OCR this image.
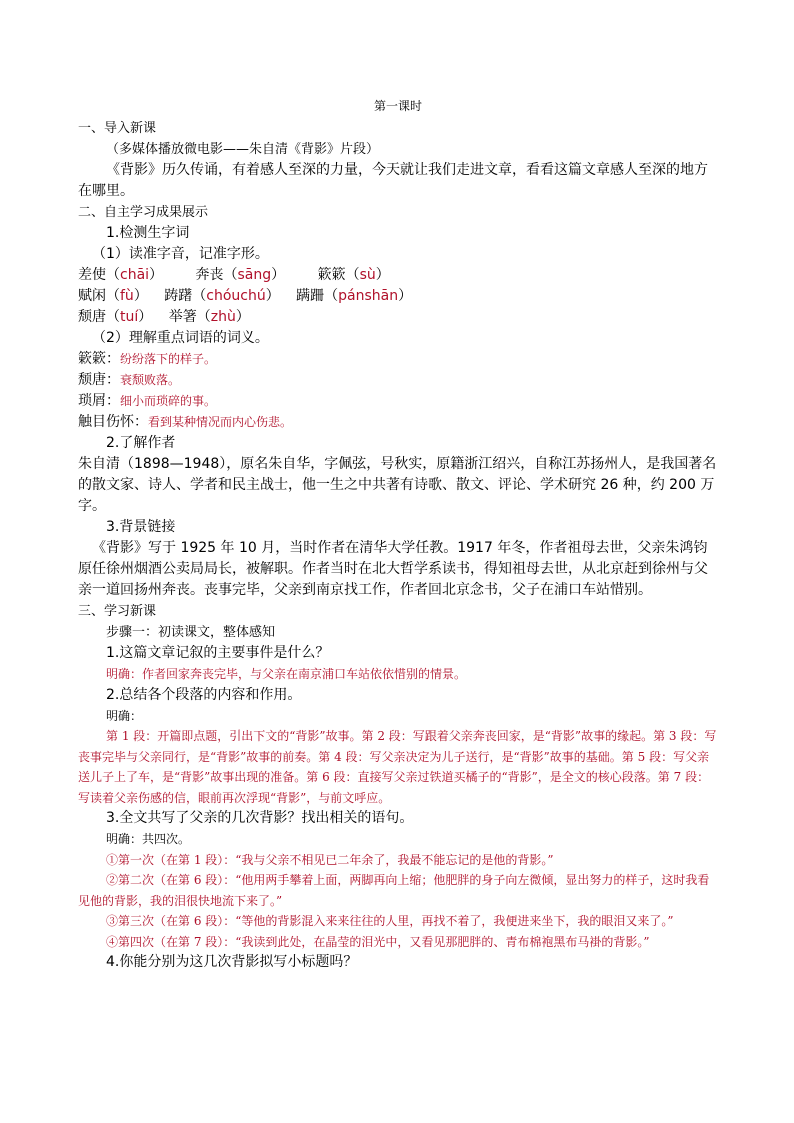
第一课时
一、导入新课
（多媒体播放微电影——朱自清《背影》片段）
《背影》历久传诵，有着感人至深的力量，今天就让我们走进文章，看看这篇文章感人至深的地方在哪里。
二、自主学习成果展示
1.检测生字词
（1）读准字音，记准字形。
差使（chāi） 奔丧（sāng） 簌簌（sù）
赋闲（fù） 踌躇（chóuchú） 蹒跚（pánshān）
颓唐（tuí） 举箸（zhù）
（2）理解重点词语的词义。
簌簌：纷纷落下的样子。
颓唐：衰颓败落。
琐屑：细小而琐碎的事。
触目伤怀：看到某种情况而内心伤悲。
2.了解作者
朱自清（1898—1948），原名朱自华，字佩弦，号秋实，原籍浙江绍兴，自称江苏扬州人，是我国著名的散文家、诗人、学者和民主战士，他一生之中共著有诗歌、散文、评论、学术研究 26 种，约 200 万字。
3.背景链接
《背影》写于 1925 年 10 月，当时作者在清华大学任教。1917 年冬，作者祖母去世，父亲朱鸿钧原任徐州烟酒公卖局局长，被解职。作者当时在北大哲学系读书，得知祖母去世，从北京赶到徐州与父亲一道回扬州奔丧。丧事完毕，父亲到南京找工作，作者回北京念书，父子在浦口车站惜别。
三、学习新课
步骤一：初读课文，整体感知
1.这篇文章记叙的主要事件是什么？
明确：作者回家奔丧完毕，与父亲在南京浦口车站依依惜别的情景。
2.总结各个段落的内容和作用。
明确：
第 1 段：开篇即点题，引出下文的“背影”故事。第 2 段：写跟着父亲奔丧回家，是“背影”故事的缘起。第 3 段：写丧事完毕与父亲同行，是“背影”故事的前奏。第 4 段：写父亲决定为儿子送行，是“背影”故事的基础。第 5 段：写父亲送儿子上了车，是“背影”故事出现的准备。第 6 段：直接写父亲过铁道买橘子的“背影”，是全文的核心段落。第 7 段：写读着父亲伤感的信，眼前再次浮现“背影”，与前文呼应。
3.全文共写了父亲的几次背影？找出相关的语句。
明确：共四次。
①第一次（在第 1 段）：“我与父亲不相见已二年余了，我最不能忘记的是他的背影。”
②第二次（在第 6 段）：“他用两手攀着上面，两脚再向上缩；他肥胖的身子向左微倾，显出努力的样子，这时我看见他的背影，我的泪很快地流下来了。”
③第三次（在第 6 段）：“等他的背影混入来来往往的人里，再找不着了，我便进来坐下，我的眼泪又来了。”
④第四次（在第 7 段）：“我读到此处，在晶莹的泪光中，又看见那肥胖的、青布棉袍黑布马褂的背影。”
4.你能分别为这几次背影拟写小标题吗？
